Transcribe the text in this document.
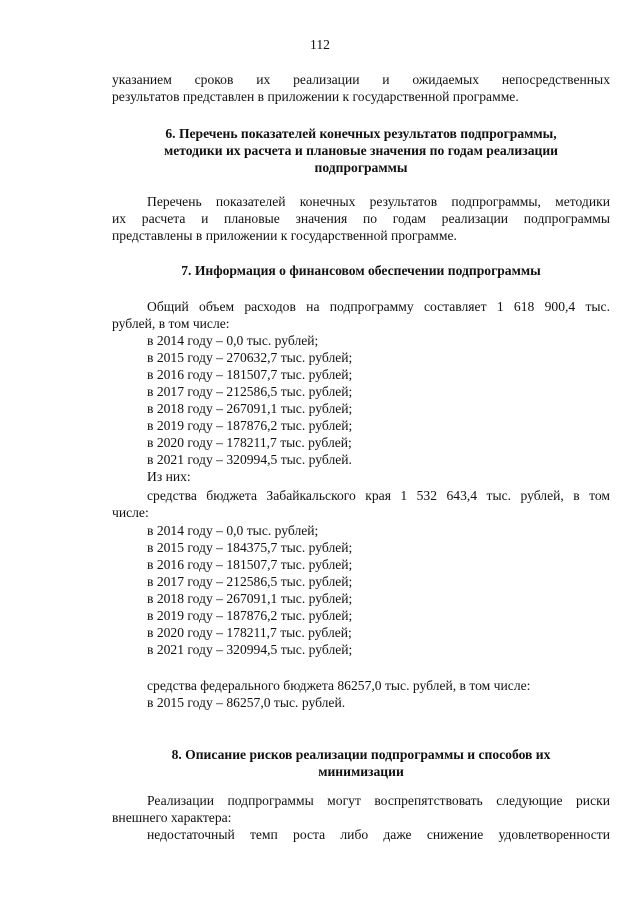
112
указанием сроков их реализации и ожидаемых непосредственных
результатов представлен в приложении к государственной программе.
6. Перечень показателей конечных результатов подпрограммы,
методики их расчета и плановые значения по годам реализации
подпрограммы
Перечень показателей конечных результатов подпрограммы, методики
их расчета и плановые значения по годам реализации подпрограммы
представлены в приложении к государственной программе.
7. Информация о финансовом обеспечении подпрограммы
Общий объем расходов на подпрограмму составляет 1 618 900,4 тыс.
рублей, в том числе:
в 2014 году – 0,0 тыс. рублей;
в 2015 году – 270632,7 тыс. рублей;
в 2016 году – 181507,7 тыс. рублей;
в 2017 году – 212586,5 тыс. рублей;
в 2018 году – 267091,1 тыс. рублей;
в 2019 году – 187876,2 тыс. рублей;
в 2020 году – 178211,7 тыс. рублей;
в 2021 году – 320994,5 тыс. рублей.
Из них:
средства бюджета Забайкальского края 1 532 643,4 тыс. рублей, в том
числе:
в 2014 году – 0,0 тыс. рублей;
в 2015 году – 184375,7 тыс. рублей;
в 2016 году – 181507,7 тыс. рублей;
в 2017 году – 212586,5 тыс. рублей;
в 2018 году – 267091,1 тыс. рублей;
в 2019 году – 187876,2 тыс. рублей;
в 2020 году – 178211,7 тыс. рублей;
в 2021 году – 320994,5 тыс. рублей;
средства федерального бюджета 86257,0 тыс. рублей, в том числе:
в 2015 году – 86257,0 тыс. рублей.
8. Описание рисков реализации подпрограммы и способов их
минимизации
Реализации подпрограммы могут воспрепятствовать следующие риски
внешнего характера:
недостаточный темп роста либо даже снижение удовлетворенности
